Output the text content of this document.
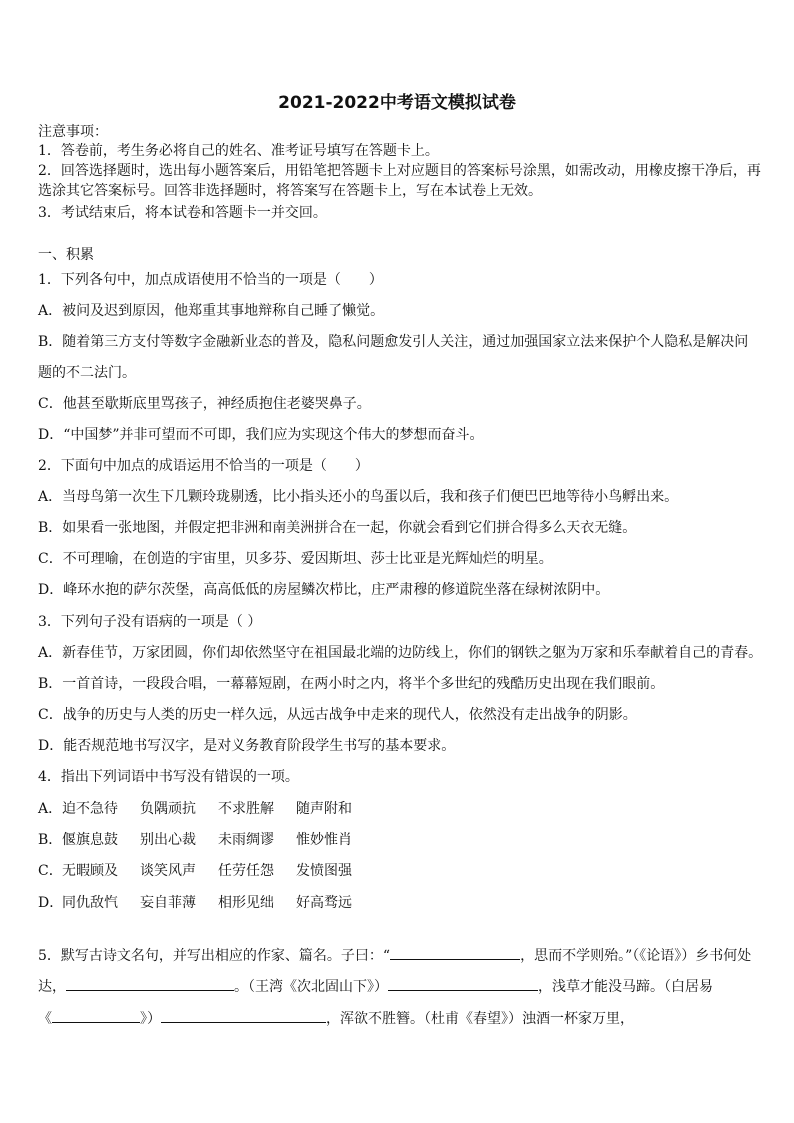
2021-2022中考语文模拟试卷
注意事项：
1．答卷前，考生务必将自己的姓名、准考证号填写在答题卡上。
2．回答选择题时，选出每小题答案后，用铅笔把答题卡上对应题目的答案标号涂黑，如需改动，用橡皮擦干净后，再
选涂其它答案标号。回答非选择题时，将答案写在答题卡上，写在本试卷上无效。
3．考试结束后，将本试卷和答题卡一并交回。
一、积累
1．下列各句中，加点成语使用不恰当的一项是（　　）
A．被问及迟到原因，他郑重其事地辩称自己睡了懒觉。
B．随着第三方支付等数字金融新业态的普及，隐私问题愈发引人关注，通过加强国家立法来保护个人隐私是解决问
题的不二法门。
C．他甚至歇斯底里骂孩子，神经质抱住老婆哭鼻子。
D．“中国梦”并非可望而不可即，我们应为实现这个伟大的梦想而奋斗。
2．下面句中加点的成语运用不恰当的一项是（　　）
A．当母鸟第一次生下几颗玲珑剔透，比小指头还小的鸟蛋以后，我和孩子们便巴巴地等待小鸟孵出来。
B．如果看一张地图，并假定把非洲和南美洲拼合在一起，你就会看到它们拼合得多么天衣无缝。
C．不可理喻，在创造的宇宙里，贝多芬、爱因斯坦、莎士比亚是光辉灿烂的明星。
D．峰环水抱的萨尔茨堡，高高低低的房屋鳞次栉比，庄严肃穆的修道院坐落在绿树浓阴中。
3．下列句子没有语病的一项是（ ）
A．新春佳节，万家团圆，你们却依然坚守在祖国最北端的边防线上，你们的钢铁之躯为万家和乐奉献着自己的青春。
B．一首首诗，一段段合唱，一幕幕短剧，在两小时之内，将半个多世纪的残酷历史出现在我们眼前。
C．战争的历史与人类的历史一样久远，从远古战争中走来的现代人，依然没有走出战争的阴影。
D．能否规范地书写汉字，是对义务教育阶段学生书写的基本要求。
4．指出下列词语中书写没有错误的一项。
A．迫不急待 负隅顽抗 不求胜解 随声附和
B．偃旗息鼓 别出心裁 未雨绸谬 惟妙惟肖
C．无暇顾及 谈笑风声 任劳任怨 发愤图强
D．同仇敌忾 妄自菲薄 相形见绌 好高骛远
5．默写古诗文名句，并写出相应的作家、篇名。子曰：“	，思而不学则殆。”（《论语》）乡书何处
达，	。（王湾《次北固山下》）	，浅草才能没马蹄。（白居易
《	》）	，浑欲不胜簪。（杜甫《春望》）浊酒一杯家万里，
